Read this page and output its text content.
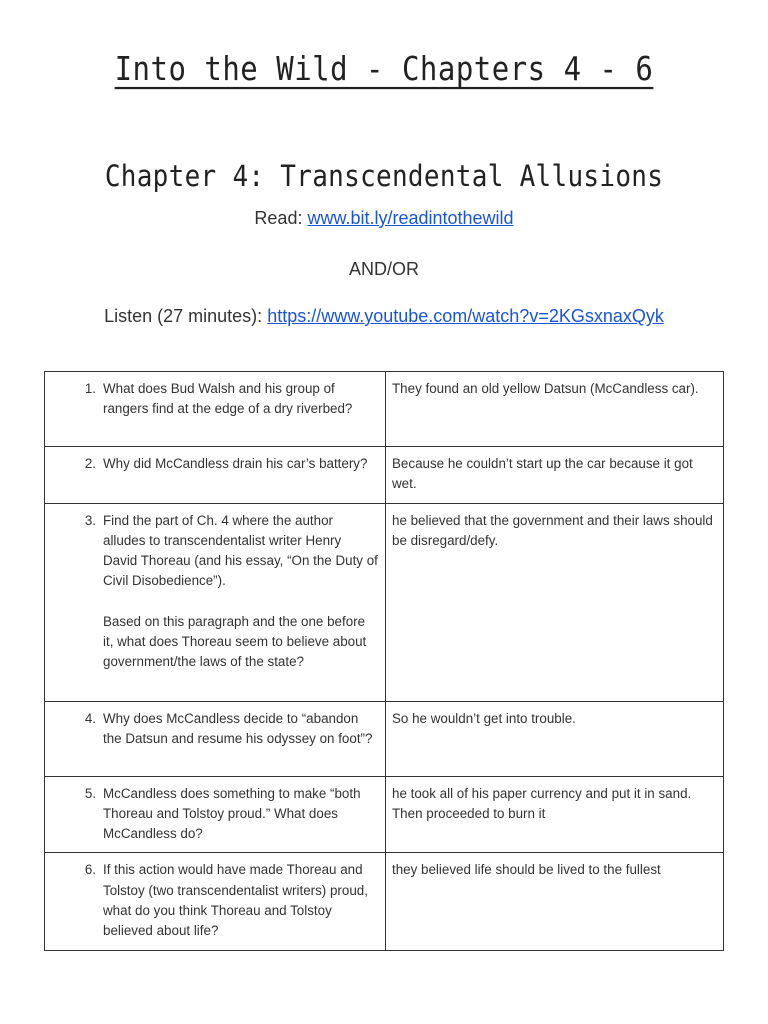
Into the Wild - Chapters 4 - 6
Chapter 4: Transcendental Allusions
Read: www.bit.ly/readintothewild
AND/OR
Listen (27 minutes): https://www.youtube.com/watch?v=2KGsxnaxQyk
1. What does Bud Walsh and his group of rangers find at the edge of a dry riverbed?	They found an old yellow Datsun (McCandless car).

2. Why did McCandless drain his car’s battery?	Because he couldn’t start up the car because it got wet.

3. Find the part of Ch. 4 where the author alludes to transcendentalist writer Henry David Thoreau (and his essay, “On the Duty of Civil Disobedience”).
Based on this paragraph and the one before it, what does Thoreau seem to believe about government/the laws of the state?	he believed that the government and their laws should be disregard/defy.

4. Why does McCandless decide to “abandon the Datsun and resume his odyssey on foot”?	So he wouldn’t get into trouble.

5. McCandless does something to make “both Thoreau and Tolstoy proud.” What does McCandless do?	he took all of his paper currency and put it in sand. Then proceeded to burn it

6. If this action would have made Thoreau and Tolstoy (two transcendentalist writers) proud, what do you think Thoreau and Tolstoy believed about life?	they believed life should be lived to the fullest
